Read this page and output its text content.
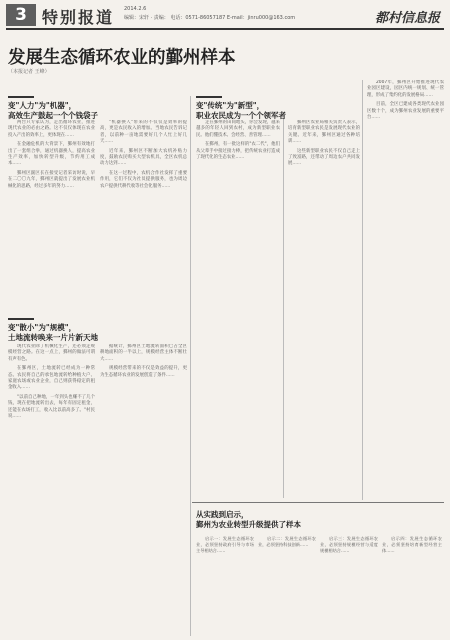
3 特别报道 2014.2.6
编辑：宋轩 · 责编： 电话：0571-86057187 E-mail：jinru000@163.com	都村信息报
发展生态循环农业的鄞州样本
（本报记者 王峰）
变"人力"为"机器"，
高效生产鼓起一个个钱袋子

两台只专家认为，走出循环农业，推进现代农业的必由之路。这不仅仅体现在农业投入产出的效率上，更体现在……

在金融危机的大背景下，鄞州有效地打出了一套组合拳，通过机器换人，提高农业生产效率，加快转型升级，节约用工成本……

鄞州区副区长在接受记者采访时说，早在二〇〇九年，鄞州区就提出了发展农业机械化的思路，经过多年的努力……

"机器换人"带来的不仅仅是效率的提高，更是农民收入的增加。当地农民告诉记者，以前种一亩地需要好几个人忙上好几天……

近年来，鄞州区不断加大农机补贴力度，鼓励农民购买大型农机具，全区农机总动力达到……

在这一过程中，农机合作社发挥了重要作用，它们不仅为社员提供服务，也为周边农户提供代耕代收等社会化服务……

变"散小"为"规模"，
土地流转唤来一片片新天地

现代农业除了机械化生产，还必须走规模经营之路。在这一点上，鄞州的做法可谓有声有色。

在鄞州区，土地流转已经成为一种常态。农民将自己的承包地流转给种植大户、家庭农场或农业企业，自己则获得稳定的租金收入……

"以前自己种地，一年到头也赚不了几个钱，现在把地流转出去，每年有固定租金，还能在农场打工，收入比以前高多了。"村民说……

据统计，鄞州区土地流转面积已占全区耕地面积的一半以上，规模经营主体不断壮大……

规模经营带来的不仅是效益的提升，更为生态循环农业的发展创造了条件……

变"传统"为"新型"，
职业农民成为一个个领军者

走在鄞州的田间地头，你会发现，越来越多的年轻人回到农村，成为新型职业农民。他们懂技术、会经营、善管理……

在鄞州，有一批这样的"农二代"，他们从父辈手中接过接力棒，把传统农业打造成了现代化的生态农业……

鄞州区农业局相关负责人表示，培育新型职业农民是发展现代农业的关键。近年来，鄞州区通过各种培训……

这些新型职业农民不仅自己走上了致富路，还带动了周边农户共同发展……

2007年，鄞州区开始推进现代农业园区建设，园区内统一规划、统一管理，形成了集约化的发展格局……

目前，全区已建成各类现代农业园区数十个，成为鄞州农业发展的重要平台……

从实践到启示，
鄞州为农业转型升级提供了样本

启示一：发展生态循环农业，必须坚持政府引导与市场主导相结合……

启示二：发展生态循环农业，必须坚持科技创新……

启示三：发展生态循环农业，必须坚持规模经营与适度规模相结合……

启示四：发展生态循环农业，必须坚持培育新型经营主体……
